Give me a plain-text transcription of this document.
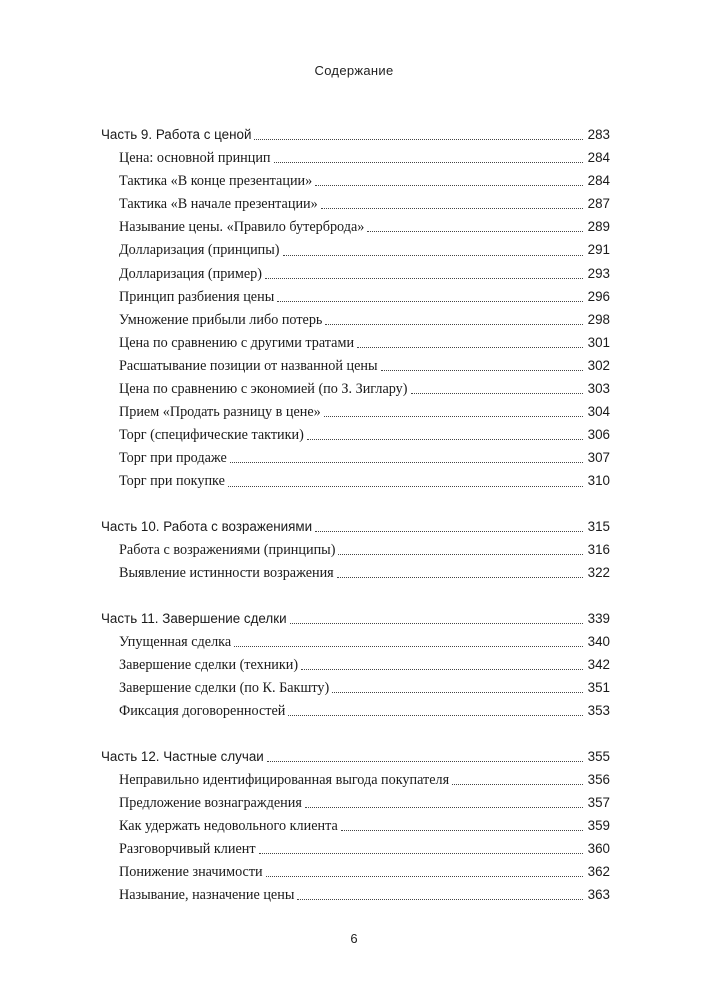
Содержание
Часть 9. Работа с ценой	283
Цена: основной принцип	284
Тактика «В конце презентации»	284
Тактика «В начале презентации»	287
Называние цены. «Правило бутерброда»	289
Долларизация (принципы)	291
Долларизация (пример)	293
Принцип разбиения цены	296
Умножение прибыли либо потерь	298
Цена по сравнению с другими тратами	301
Расшатывание позиции от названной цены	302
Цена по сравнению с экономией (по З. Зиглару)	303
Прием «Продать разницу в цене»	304
Торг (специфические тактики)	306
Торг при продаже	307
Торг при покупке	310
Часть 10. Работа с возражениями	315
Работа с возражениями (принципы)	316
Выявление истинности возражения	322
Часть 11. Завершение сделки	339
Упущенная сделка	340
Завершение сделки (техники)	342
Завершение сделки (по К. Бакшту)	351
Фиксация договоренностей	353
Часть 12. Частные случаи	355
Неправильно идентифицированная выгода покупателя	356
Предложение вознаграждения	357
Как удержать недовольного клиента	359
Разговорчивый клиент	360
Понижение значимости	362
Называние, назначение цены	363
6
